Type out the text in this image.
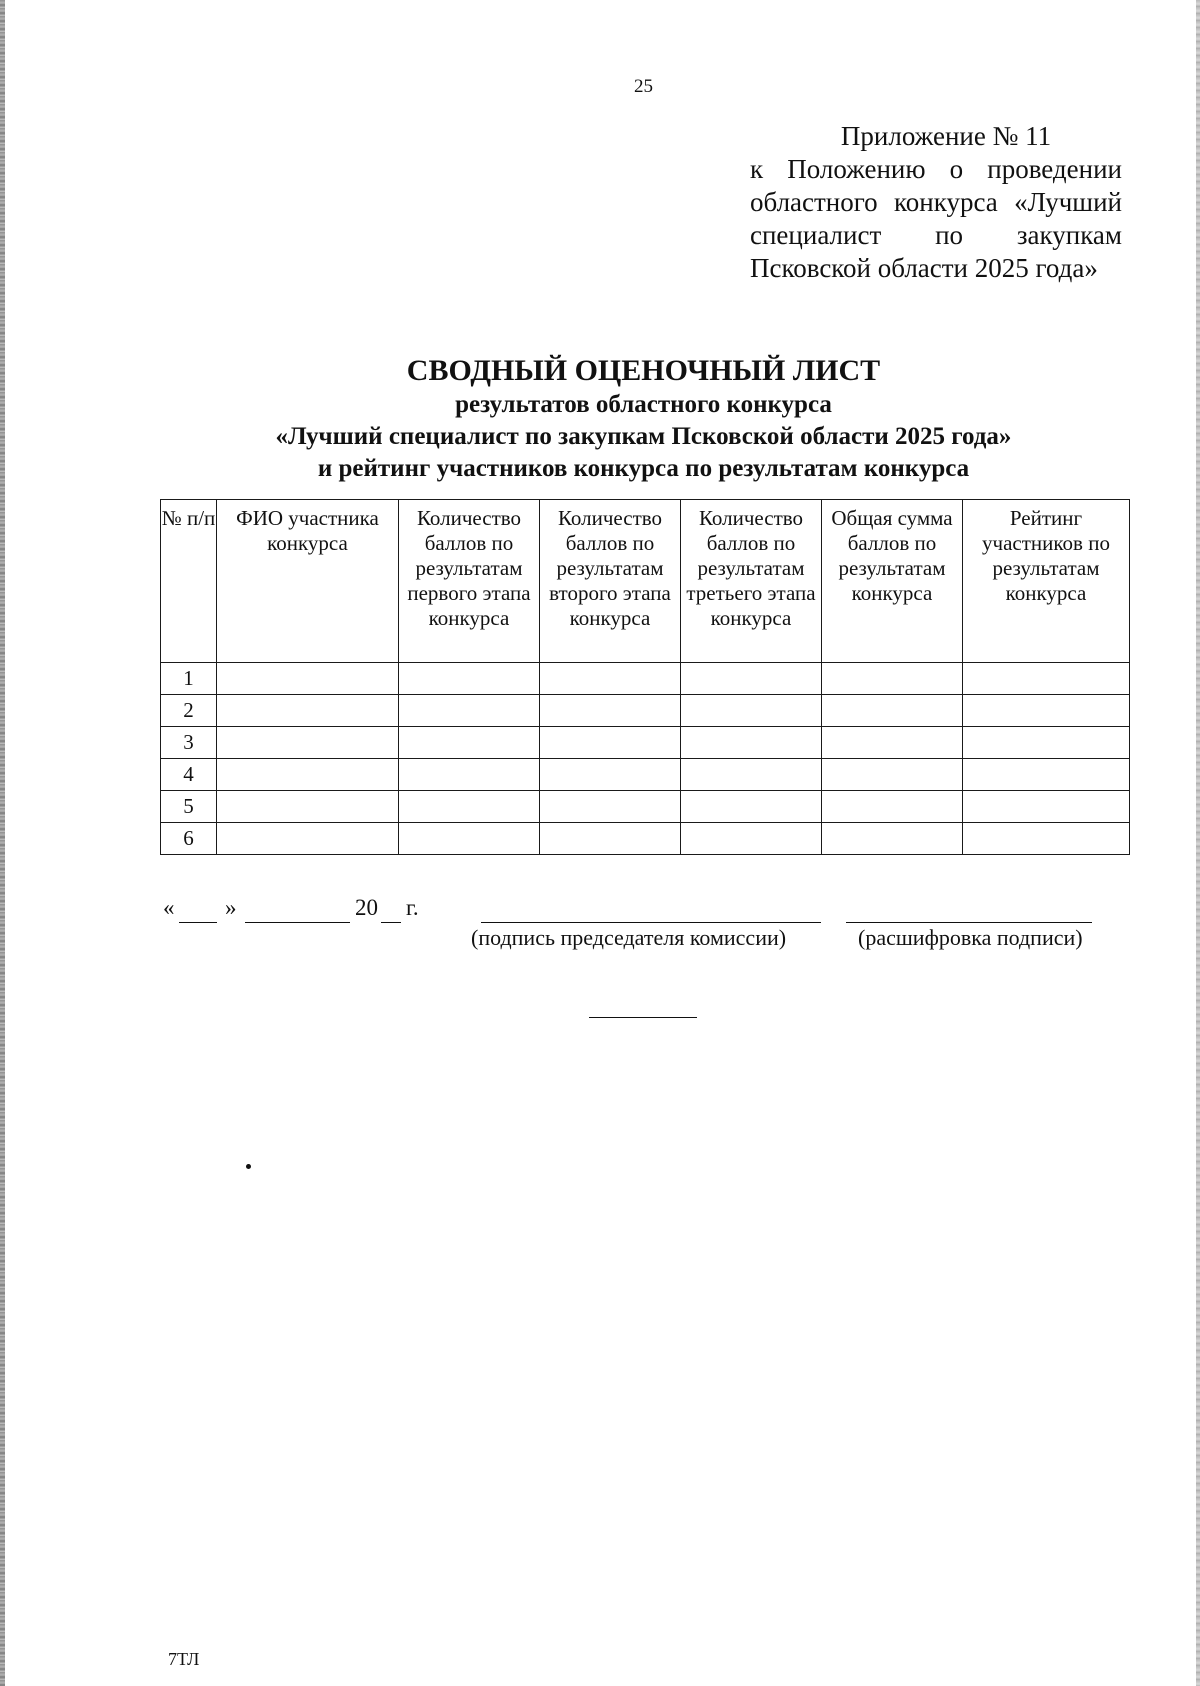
25
Приложение № 11
к Положению о проведении
областного конкурса «Лучший
специалист по закупкам
Псковской области 2025 года»
СВОДНЫЙ ОЦЕНОЧНЫЙ ЛИСТ
результатов областного конкурса
«Лучший специалист по закупкам Псковской области 2025 года»
и рейтинг участников конкурса по результатам конкурса
№ п/п	ФИО участника конкурса	Количество баллов по результатам первого этапа конкурса	Количество баллов по результатам второго этапа конкурса	Количество баллов по результатам третьего этапа конкурса	Общая сумма баллов по результатам конкурса	Рейтинг участников по результатам конкурса
1						
2						
3						
4						
5						
6						
« »	20 г.
(подпись председателя комиссии)	(расшифровка подписи)
7ТЛ
